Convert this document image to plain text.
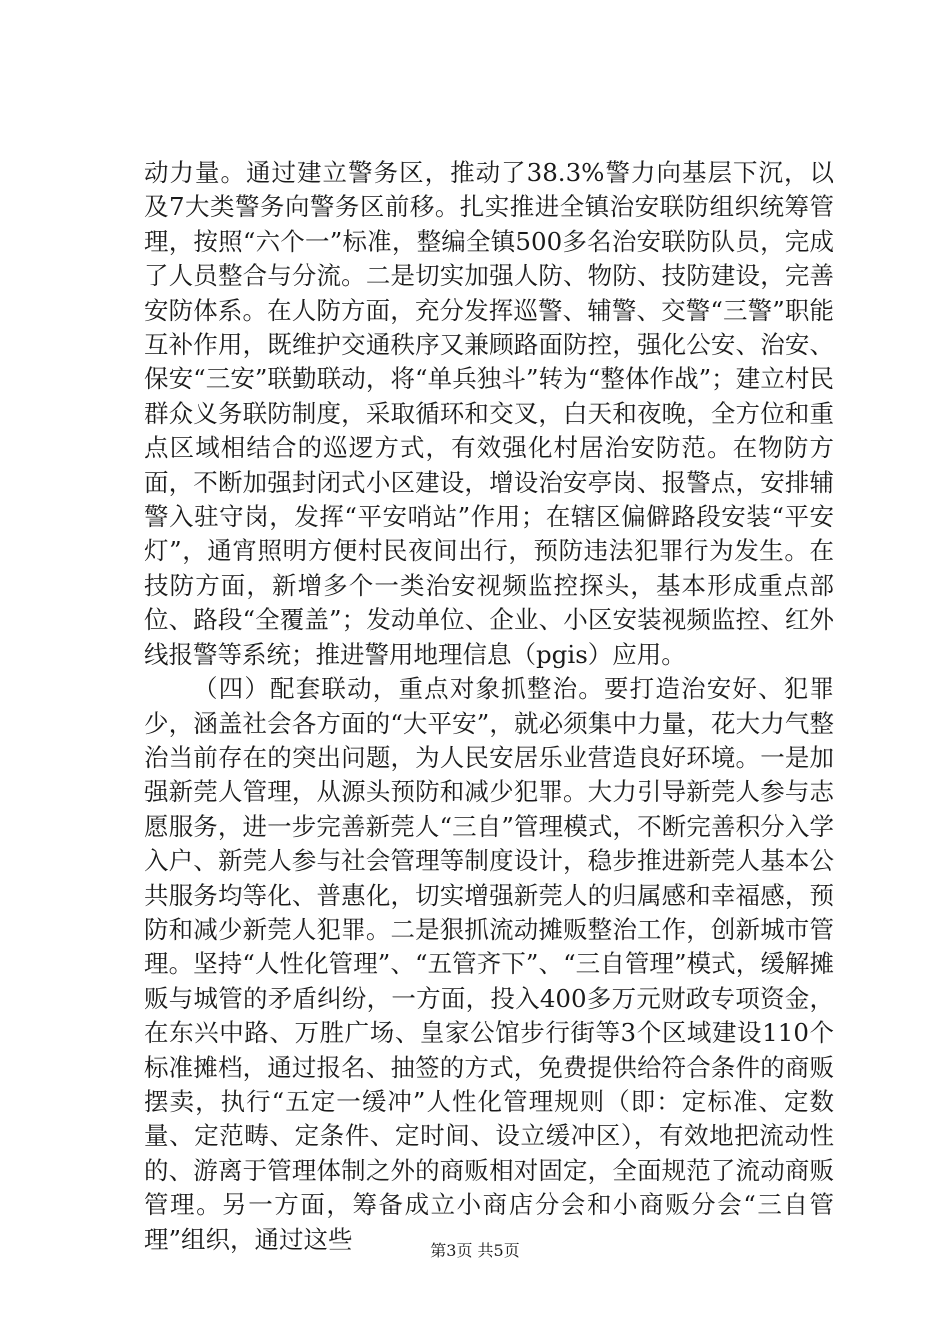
动力量。通过建立警务区，推动了38.3%警力向基层下沉，以及7大类警务向警务区前移。扎实推进全镇治安联防组织统筹管理，按照“六个一”标准，整编全镇500多名治安联防队员，完成了人员整合与分流。二是切实加强人防、物防、技防建设，完善安防体系。在人防方面，充分发挥巡警、辅警、交警“三警”职能互补作用，既维护交通秩序又兼顾路面防控，强化公安、治安、保安“三安”联勤联动，将“单兵独斗”转为“整体作战”；建立村民群众义务联防制度，采取循环和交叉，白天和夜晚，全方位和重点区域相结合的巡逻方式，有效强化村居治安防范。在物防方面，不断加强封闭式小区建设，增设治安亭岗、报警点，安排辅警入驻守岗，发挥“平安哨站”作用；在辖区偏僻路段安装“平安灯”，通宵照明方便村民夜间出行，预防违法犯罪行为发生。在技防方面，新增多个一类治安视频监控探头，基本形成重点部位、路段“全覆盖”；发动单位、企业、小区安装视频监控、红外线报警等系统；推进警用地理信息（pgis）应用。

（四）配套联动，重点对象抓整治。要打造治安好、犯罪少，涵盖社会各方面的“大平安”，就必须集中力量，花大力气整治当前存在的突出问题，为人民安居乐业营造良好环境。一是加强新莞人管理，从源头预防和减少犯罪。大力引导新莞人参与志愿服务，进一步完善新莞人“三自”管理模式，不断完善积分入学入户、新莞人参与社会管理等制度设计，稳步推进新莞人基本公共服务均等化、普惠化，切实增强新莞人的归属感和幸福感，预防和减少新莞人犯罪。二是狠抓流动摊贩整治工作，创新城市管理。坚持“人性化管理”、“五管齐下”、“三自管理”模式，缓解摊贩与城管的矛盾纠纷，一方面，投入400多万元财政专项资金，在东兴中路、万胜广场、皇家公馆步行街等3个区域建设110个标准摊档，通过报名、抽签的方式，免费提供给符合条件的商贩摆卖，执行“五定一缓冲”人性化管理规则（即：定标准、定数量、定范畴、定条件、定时间、设立缓冲区），有效地把流动性的、游离于管理体制之外的商贩相对固定，全面规范了流动商贩管理。另一方面，筹备成立小商店分会和小商贩分会“三自管理”组织，通过这些	第3页 共5页
